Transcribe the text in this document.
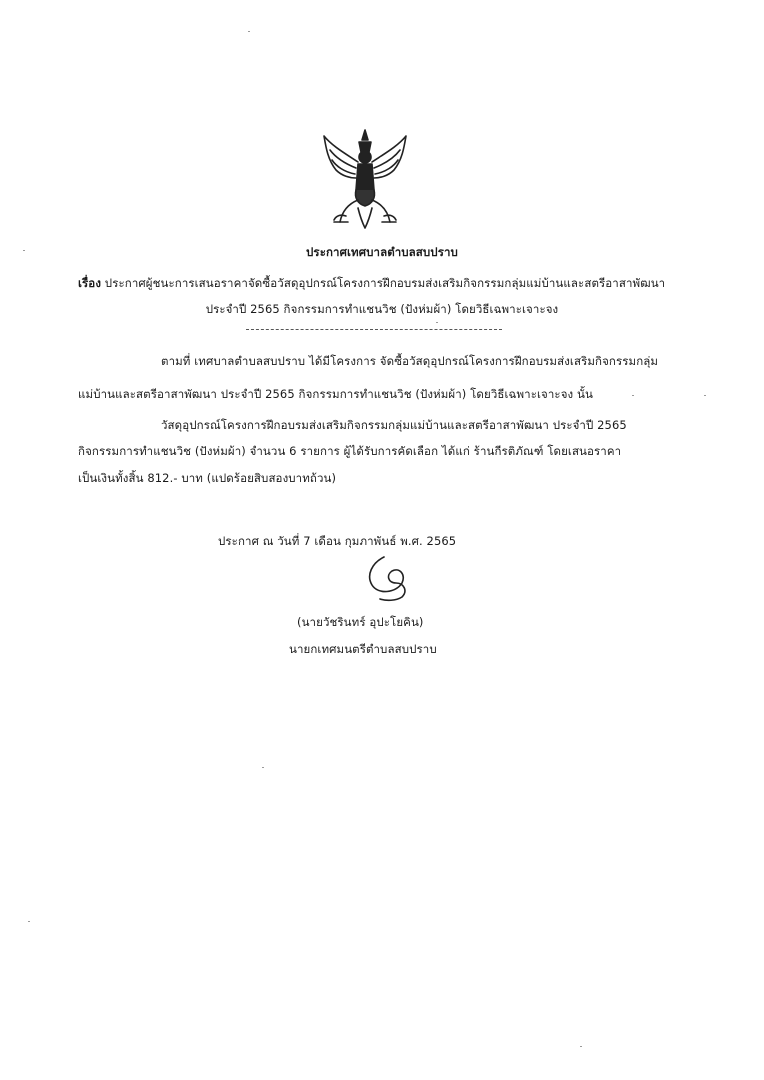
ประกาศเทศบาลตำบลสบปราบ
เรื่อง ประกาศผู้ชนะการเสนอราคาจัดซื้อวัสดุอุปกรณ์โครงการฝึกอบรมส่งเสริมกิจกรรมกลุ่มแม่บ้านและสตรีอาสาพัฒนา
ประจำปี 2565 กิจกรรมการทำแชนวิช (ปังห่มผ้า) โดยวิธีเฉพาะเจาะจง
ตามที่ เทศบาลตำบลสบปราบ ได้มีโครงการ จัดซื้อวัสดุอุปกรณ์โครงการฝึกอบรมส่งเสริมกิจกรรมกลุ่ม
แม่บ้านและสตรีอาสาพัฒนา ประจำปี 2565 กิจกรรมการทำแชนวิช (ปังห่มผ้า) โดยวิธีเฉพาะเจาะจง นั้น
วัสดุอุปกรณ์โครงการฝึกอบรมส่งเสริมกิจกรรมกลุ่มแม่บ้านและสตรีอาสาพัฒนา ประจำปี 2565
กิจกรรมการทำแชนวิช (ปังห่มผ้า) จำนวน 6 รายการ ผู้ได้รับการคัดเลือก ได้แก่ ร้านกีรติภัณฑ์ โดยเสนอราคา
เป็นเงินทั้งสิ้น 812.- บาท (แปดร้อยสิบสองบาทถ้วน)
ประกาศ ณ วันที่ 7 เดือน กุมภาพันธ์ พ.ศ. 2565
(นายวัชรินทร์ อุปะโยคิน)
นายกเทศมนตรีตำบลสบปราบ
